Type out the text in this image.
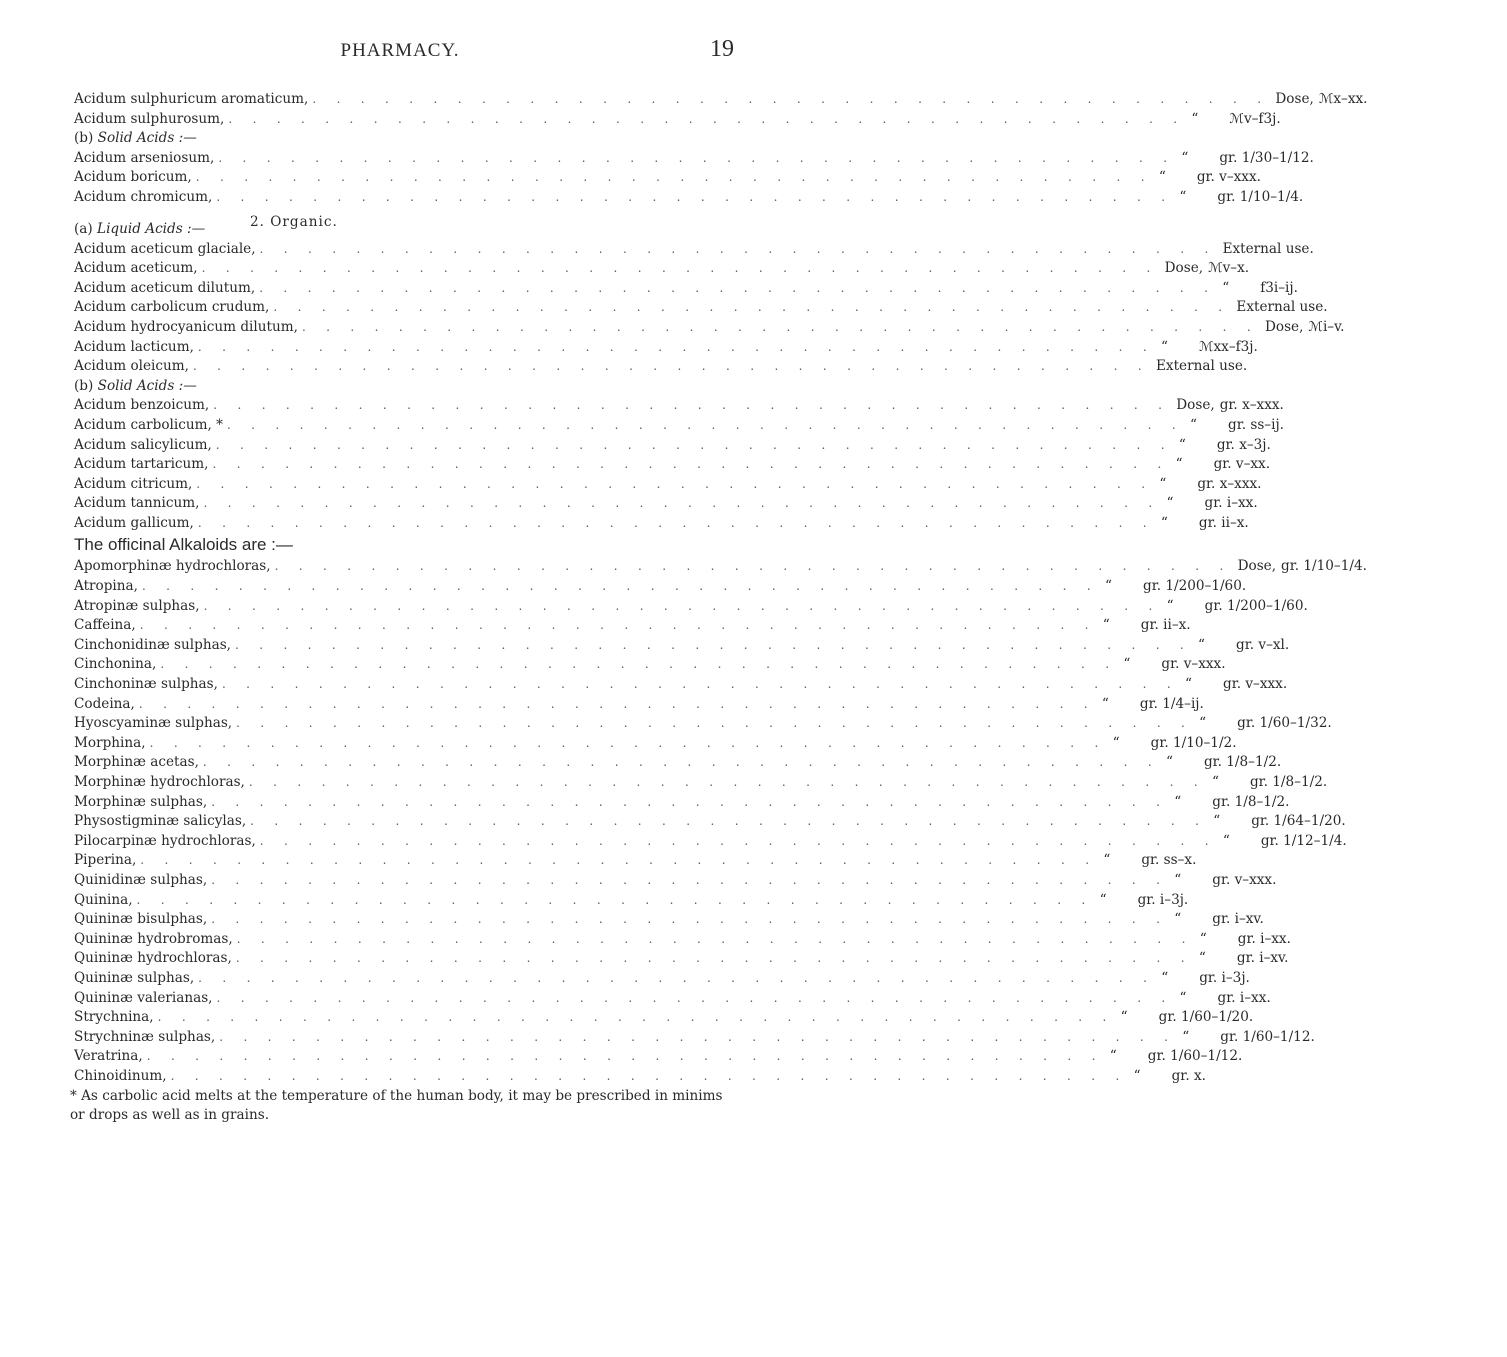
PHARMACY.	19
Acidum sulphuricum aromaticum, . . . . . . . . . . . . . . . . . . . . . . . . . . . . . . . . . . . . . . . . Dose, ℳx–xx.
Acidum sulphurosum, . . . . . . . . . . . . . . . . . . . . . . . . . . . . . . . . . . . . . . . . “ ℳv–f3j.
(b) Solid Acids :—
Acidum arseniosum, . . . . . . . . . . . . . . . . . . . . . . . . . . . . . . . . . . . . . . . . “ gr. 1/30–1/12.
Acidum boricum, . . . . . . . . . . . . . . . . . . . . . . . . . . . . . . . . . . . . . . . . “ gr. v–xxx.
Acidum chromicum, . . . . . . . . . . . . . . . . . . . . . . . . . . . . . . . . . . . . . . . . “ gr. 1/10–1/4.
(a) Liquid Acids :—	2. Organic.
Acidum aceticum glaciale, . . . . . . . . . . . . . . . . . . . . . . . . . . . . . . . . . . . . . . . . External use.
Acidum aceticum, . . . . . . . . . . . . . . . . . . . . . . . . . . . . . . . . . . . . . . . . Dose, ℳv–x.
Acidum aceticum dilutum, . . . . . . . . . . . . . . . . . . . . . . . . . . . . . . . . . . . . . . . . “ f3i–ij.
Acidum carbolicum crudum, . . . . . . . . . . . . . . . . . . . . . . . . . . . . . . . . . . . . . . . . External use.
Acidum hydrocyanicum dilutum, . . . . . . . . . . . . . . . . . . . . . . . . . . . . . . . . . . . . . . . . Dose, ℳi–v.
Acidum lacticum, . . . . . . . . . . . . . . . . . . . . . . . . . . . . . . . . . . . . . . . . “ ℳxx–f3j.
Acidum oleicum, . . . . . . . . . . . . . . . . . . . . . . . . . . . . . . . . . . . . . . . . External use.
(b) Solid Acids :—
Acidum benzoicum, . . . . . . . . . . . . . . . . . . . . . . . . . . . . . . . . . . . . . . . . Dose, gr. x–xxx.
Acidum carbolicum, * . . . . . . . . . . . . . . . . . . . . . . . . . . . . . . . . . . . . . . . . “ gr. ss–ij.
Acidum salicylicum, . . . . . . . . . . . . . . . . . . . . . . . . . . . . . . . . . . . . . . . . “ gr. x–3j.
Acidum tartaricum, . . . . . . . . . . . . . . . . . . . . . . . . . . . . . . . . . . . . . . . . “ gr. v–xx.
Acidum citricum, . . . . . . . . . . . . . . . . . . . . . . . . . . . . . . . . . . . . . . . . “ gr. x–xxx.
Acidum tannicum, . . . . . . . . . . . . . . . . . . . . . . . . . . . . . . . . . . . . . . . . “ gr. i–xx.
Acidum gallicum, . . . . . . . . . . . . . . . . . . . . . . . . . . . . . . . . . . . . . . . . “ gr. ii–x.
The officinal Alkaloids are :—
Apomorphinæ hydrochloras, . . . . . . . . . . . . . . . . . . . . . . . . . . . . . . . . . . . . . . . . Dose, gr. 1/10–1/4.
Atropina, . . . . . . . . . . . . . . . . . . . . . . . . . . . . . . . . . . . . . . . . “ gr. 1/200–1/60.
Atropinæ sulphas, . . . . . . . . . . . . . . . . . . . . . . . . . . . . . . . . . . . . . . . . “ gr. 1/200–1/60.
Caffeina, . . . . . . . . . . . . . . . . . . . . . . . . . . . . . . . . . . . . . . . . “ gr. ii–x.
Cinchonidinæ sulphas, . . . . . . . . . . . . . . . . . . . . . . . . . . . . . . . . . . . . . . . . “ gr. v–xl.
Cinchonina, . . . . . . . . . . . . . . . . . . . . . . . . . . . . . . . . . . . . . . . . “ gr. v–xxx.
Cinchoninæ sulphas, . . . . . . . . . . . . . . . . . . . . . . . . . . . . . . . . . . . . . . . . “ gr. v–xxx.
Codeina, . . . . . . . . . . . . . . . . . . . . . . . . . . . . . . . . . . . . . . . . “ gr. 1/4–ij.
Hyoscyaminæ sulphas, . . . . . . . . . . . . . . . . . . . . . . . . . . . . . . . . . . . . . . . . “ gr. 1/60–1/32.
Morphina, . . . . . . . . . . . . . . . . . . . . . . . . . . . . . . . . . . . . . . . . “ gr. 1/10–1/2.
Morphinæ acetas, . . . . . . . . . . . . . . . . . . . . . . . . . . . . . . . . . . . . . . . . “ gr. 1/8–1/2.
Morphinæ hydrochloras, . . . . . . . . . . . . . . . . . . . . . . . . . . . . . . . . . . . . . . . . “ gr. 1/8–1/2.
Morphinæ sulphas, . . . . . . . . . . . . . . . . . . . . . . . . . . . . . . . . . . . . . . . . “ gr. 1/8–1/2.
Physostigminæ salicylas, . . . . . . . . . . . . . . . . . . . . . . . . . . . . . . . . . . . . . . . . “ gr. 1/64–1/20.
Pilocarpinæ hydrochloras, . . . . . . . . . . . . . . . . . . . . . . . . . . . . . . . . . . . . . . . . “ gr. 1/12–1/4.
Piperina, . . . . . . . . . . . . . . . . . . . . . . . . . . . . . . . . . . . . . . . . “ gr. ss–x.
Quinidinæ sulphas, . . . . . . . . . . . . . . . . . . . . . . . . . . . . . . . . . . . . . . . . “ gr. v–xxx.
Quinina, . . . . . . . . . . . . . . . . . . . . . . . . . . . . . . . . . . . . . . . . “ gr. i–3j.
Quininæ bisulphas, . . . . . . . . . . . . . . . . . . . . . . . . . . . . . . . . . . . . . . . . “ gr. i–xv.
Quininæ hydrobromas, . . . . . . . . . . . . . . . . . . . . . . . . . . . . . . . . . . . . . . . . “ gr. i–xx.
Quininæ hydrochloras, . . . . . . . . . . . . . . . . . . . . . . . . . . . . . . . . . . . . . . . . “ gr. i–xv.
Quininæ sulphas, . . . . . . . . . . . . . . . . . . . . . . . . . . . . . . . . . . . . . . . . “ gr. i–3j.
Quininæ valerianas, . . . . . . . . . . . . . . . . . . . . . . . . . . . . . . . . . . . . . . . . “ gr. i–xx.
Strychnina, . . . . . . . . . . . . . . . . . . . . . . . . . . . . . . . . . . . . . . . . “ gr. 1/60–1/20.
Strychninæ sulphas, . . . . . . . . . . . . . . . . . . . . . . . . . . . . . . . . . . . . . . . . “ gr. 1/60–1/12.
Veratrina, . . . . . . . . . . . . . . . . . . . . . . . . . . . . . . . . . . . . . . . . “ gr. 1/60–1/12.
Chinoidinum, . . . . . . . . . . . . . . . . . . . . . . . . . . . . . . . . . . . . . . . . “ gr. x.
* As carbolic acid melts at the temperature of the human body, it may be prescribed in minims or drops as well as in grains.
